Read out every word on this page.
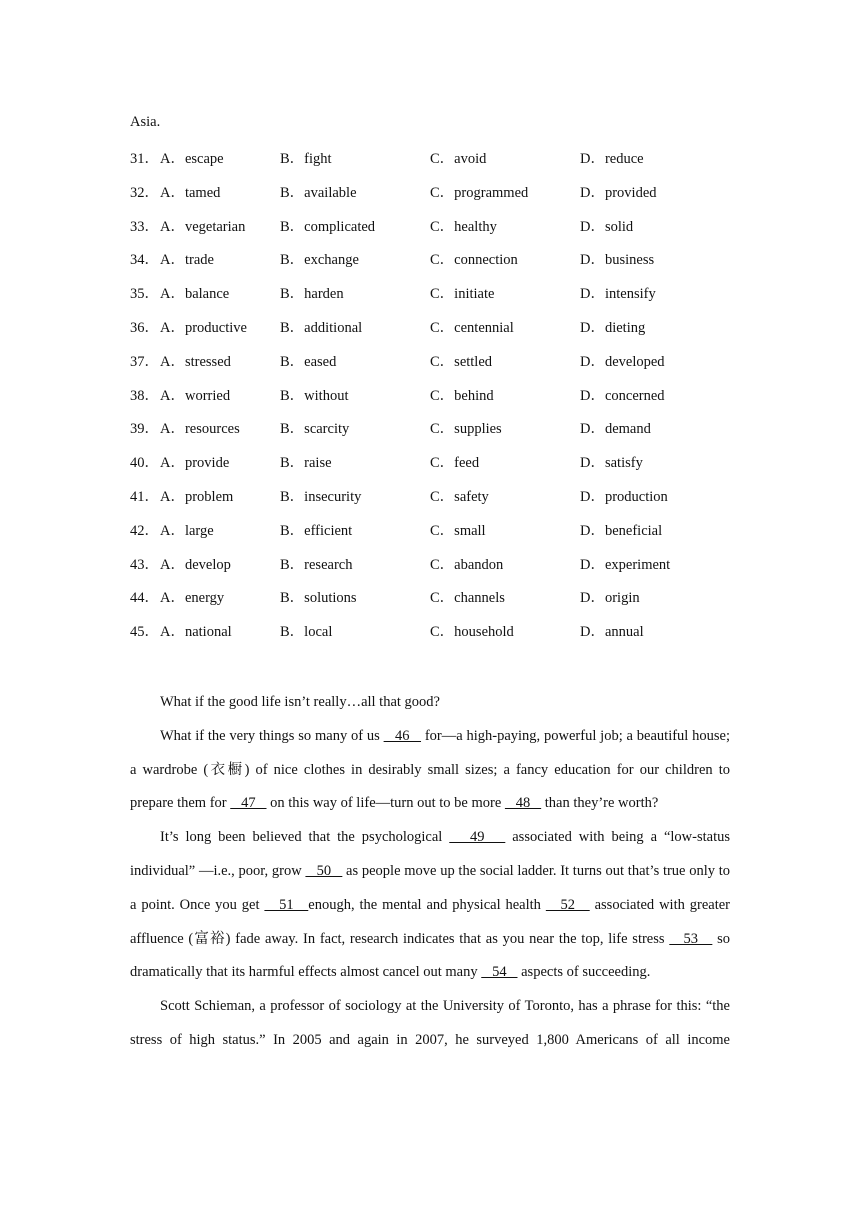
Asia.
31． A．escape	B．fight	C．avoid	D．reduce
32． A．tamed	B．available	C．programmed	D．provided
33． A．vegetarian B．complicated	C．healthy	D．solid
34． A．trade	B．exchange	C．connection	D．business
35． A．balance	B．harden	C．initiate	D．intensify
36． A．productive B．additional	C．centennial	D．dieting
37． A．stressed	B．eased	C．settled	D．developed
38． A．worried	B．without	C．behind	D．concerned
39． A．resources	B．scarcity	C．supplies	D．demand
40． A．provide	B．raise	C．feed	D．satisfy
41． A．problem	B．insecurity	C．safety	D．production
42． A．large	B．efficient	C．small	D．beneficial
43． A．develop	B．research	C．abandon	D．experiment
44． A．energy	B．solutions	C．channels	D．origin
45． A．national	B．local	C．household	D．annual

What if the good life isn’t really…all that good?

What if the very things so many of us    46    for—a high-paying, powerful job; a beautiful house; a wardrobe (衣橱) of nice clothes in desirably small sizes; a fancy education for our children to prepare them for    47    on this way of life—turn out to be more    48    than they’re worth?

It’s long been believed that the psychological    49    associated with being a “low-status individual” —i.e., poor, grow    50    as people move up the social ladder. It turns out that’s true only to a point. Once you get    51   enough, the mental and physical health    52    associated with greater affluence (富裕) fade away. In fact, research indicates that as you near the top, life stress    53    so dramatically that its harmful effects almost cancel out many    54    aspects of succeeding.

Scott Schieman, a professor of sociology at the University of Toronto, has a phrase for this: “the stress of high status.” In 2005 and again in 2007, he surveyed 1,800 Americans of all income
